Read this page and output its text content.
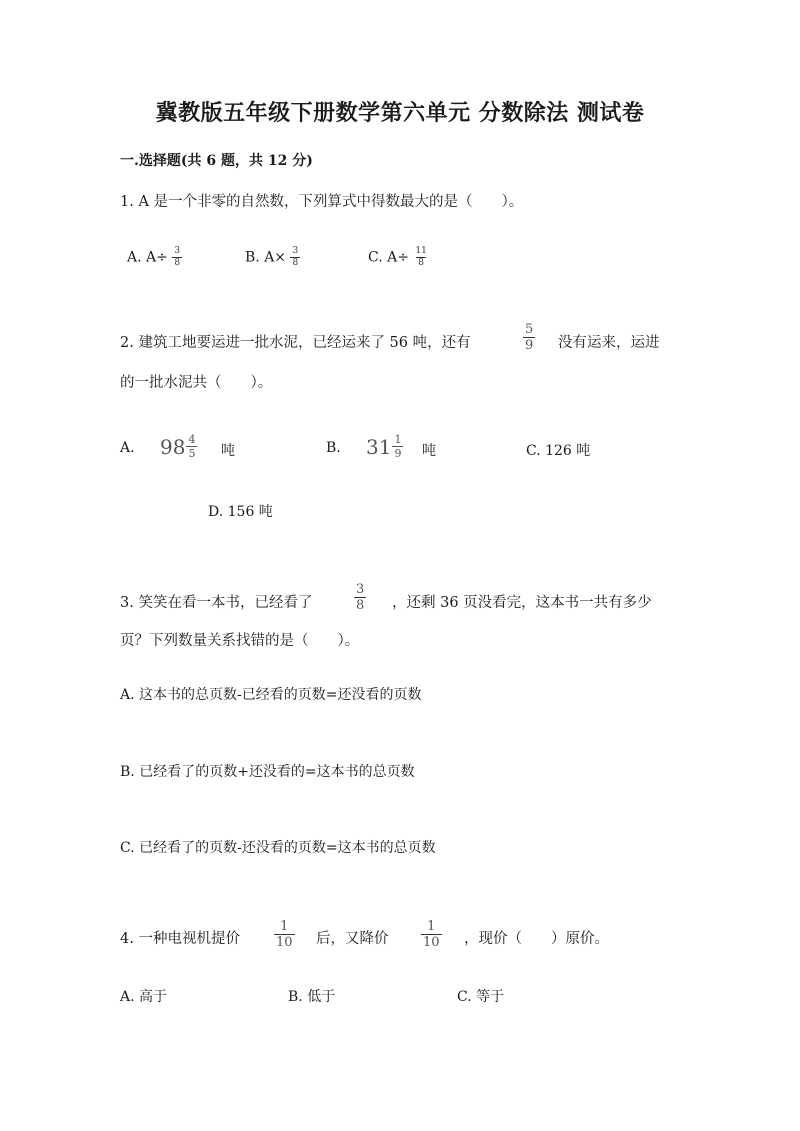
冀教版五年级下册数学第六单元 分数除法 测试卷
一.选择题(共 6 题，共 12 分)
1. A 是一个非零的自然数，下列算式中得数最大的是（　　）。
A. $A\div \frac{3}{8}$	B. $A\times \frac{3}{8}$	C. $A\div \frac{11}{8}$
2. 建筑工地要运进一批水泥，已经运来了 56 吨，还有	$\frac{5}{9}$ 没有运来，运进
的一批水泥共（　　）。
A. $98 \frac{4}{5}$ 吨	B. $31 \frac{1}{9}$ 吨	C. 126 吨
D. 156 吨
3. 笑笑在看一本书，已经看了	$\frac{3}{8}$ ，还剩 36 页没看完，这本书一共有多少
页？下列数量关系找错的是（　　）。
A. 这本书的总页数-已经看的页数=还没看的页数
B. 已经看了的页数+还没看的=这本书的总页数
C. 已经看了的页数-还没看的页数=这本书的总页数
4. 一种电视机提价	$\frac{1}{10}$ 后，又降价	$\frac{1}{10}$ ，现价（　　）原价。
A. 高于	B. 低于	C. 等于
